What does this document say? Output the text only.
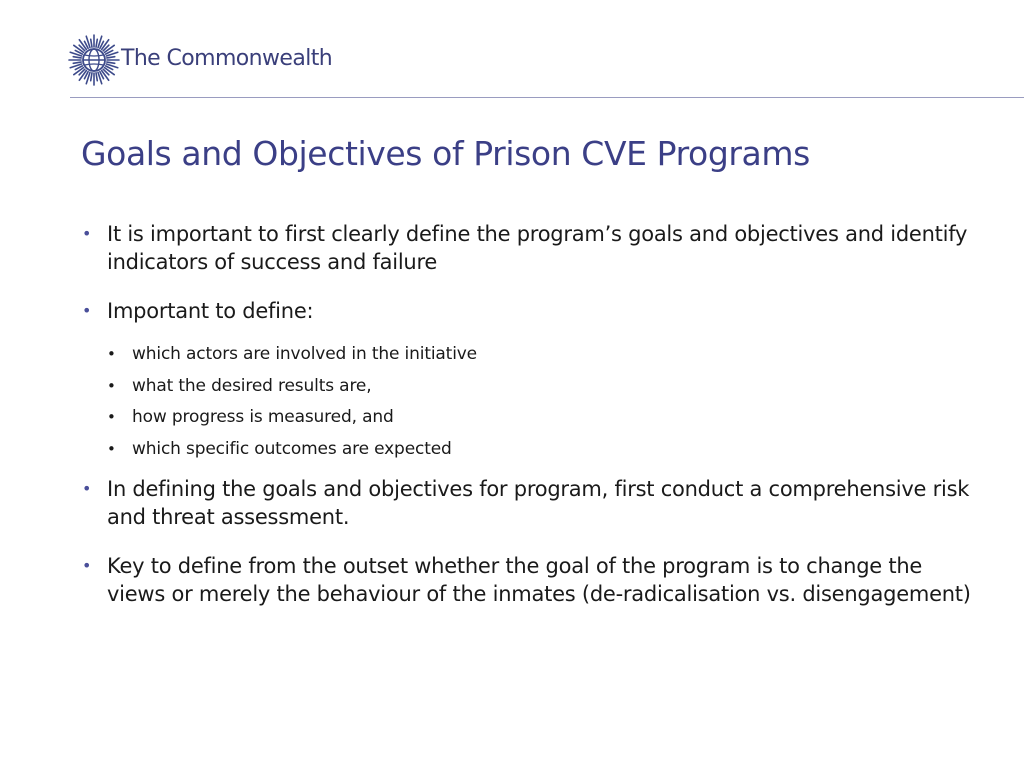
The Commonwealth
Goals and Objectives of Prison CVE Programs
• It is important to first clearly define the program’s goals and objectives and identify indicators of success and failure
• Important to define:
• which actors are involved in the initiative
• what the desired results are,
• how progress is measured, and
• which specific outcomes are expected
• In defining the goals and objectives for program, first conduct a comprehensive risk and threat assessment.
• Key to define from the outset whether the goal of the program is to change the views or merely the behaviour of the inmates (de-radicalisation vs. disengagement)
